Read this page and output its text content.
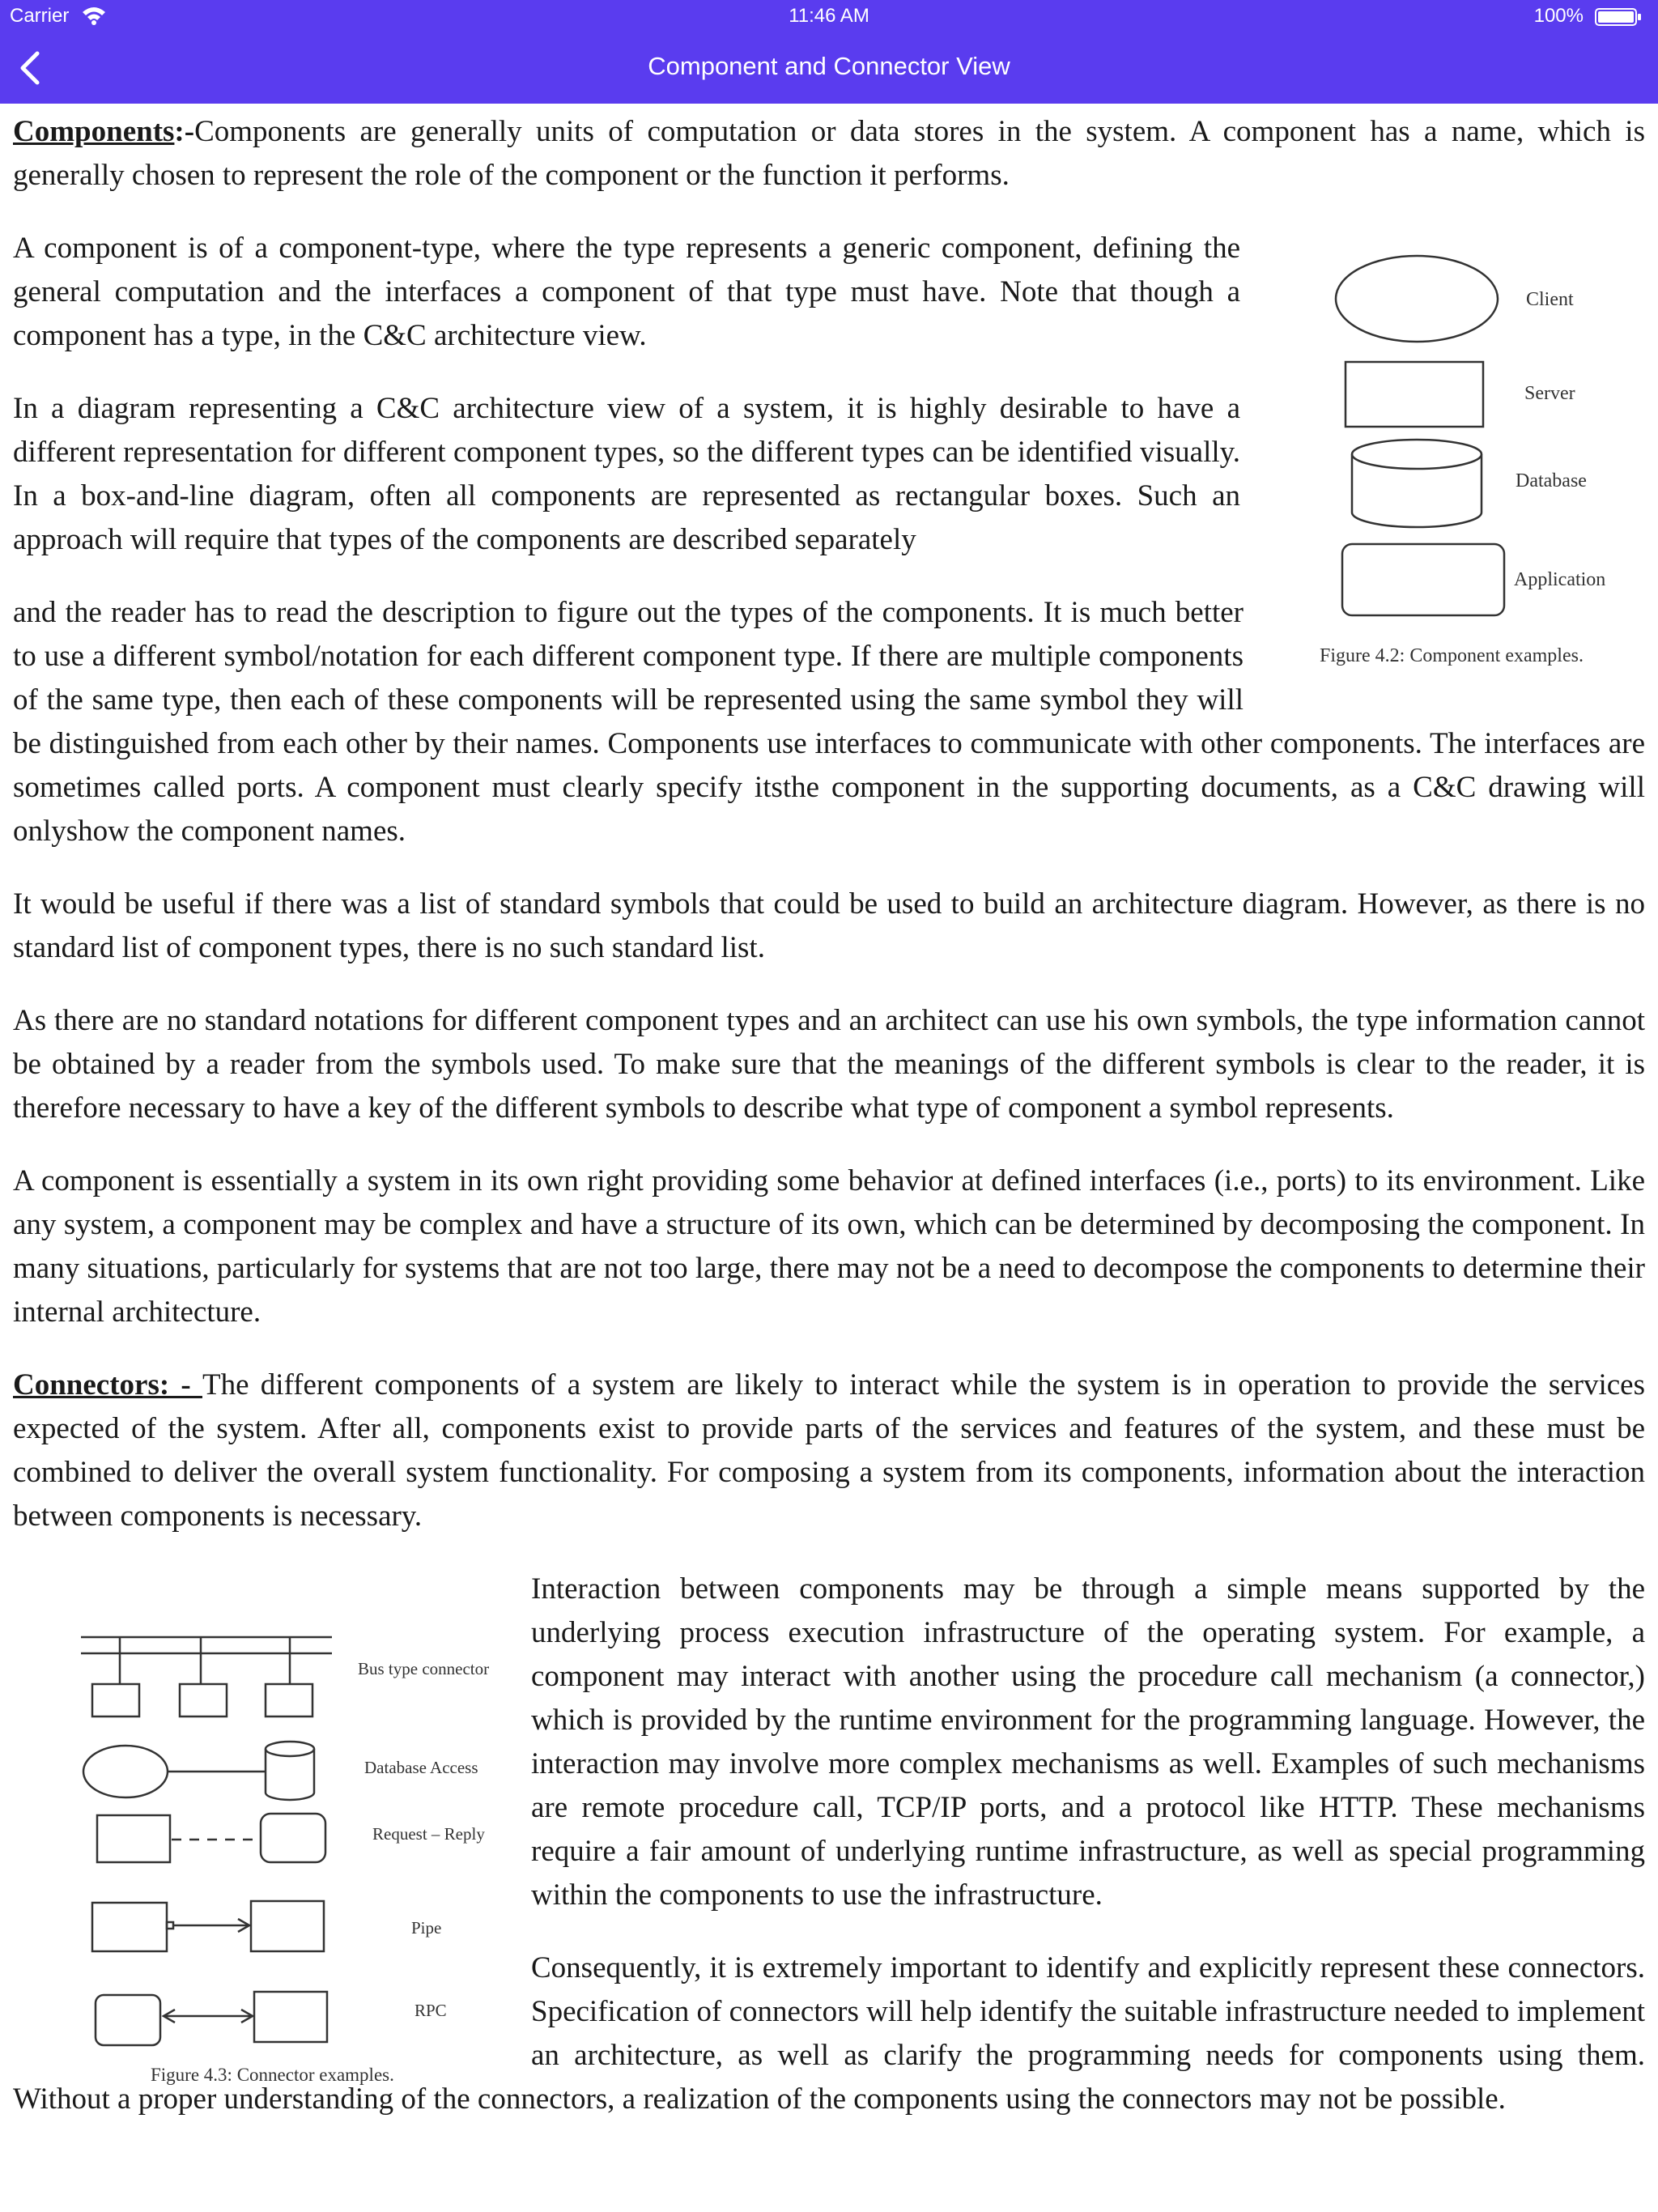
Carrier	11:46 AM	100%
Component and Connector View
Client
Server
Database
Application
Figure 4.2: Component examples.
Bus type connector
Database Access
Request – Reply
Pipe
RPC
Figure 4.3: Connector examples.

Components:-Components are generally units of computation or data stores in the system. A component has a name, which is generally chosen to represent the role of the component or the function it performs.

A component is of a component-type, where the type represents a generic component, defining the general computation and the interfaces a component of that type must have. Note that though a component has a type, in the C&C architecture view.

In a diagram representing a C&C architecture view of a system, it is highly desirable to have a different representation for different component types, so the different types can be identified visually. In a box-and-line diagram, often all components are represented as rectangular boxes. Such an approach will require that types of the components are described separately

and the reader has to read the description to figure out the types of the components. It is much better to use a different symbol/notation for each different component type. If there are multiple components of the same type, then each of these components will be represented using the same symbol they will be distinguished from each other by their names. Components use interfaces to communicate with other components. The interfaces are sometimes called ports. A component must clearly specify itsthe component in the supporting documents, as a C&C drawing will onlyshow the component names.

It would be useful if there was a list of standard symbols that could be used to build an architecture diagram. However, as there is no standard list of component types, there is no such standard list.

As there are no standard notations for different component types and an architect can use his own symbols, the type information cannot be obtained by a reader from the symbols used. To make sure that the meanings of the different symbols is clear to the reader, it is therefore necessary to have a key of the different symbols to describe what type of component a symbol represents.

A component is essentially a system in its own right providing some behavior at defined interfaces (i.e., ports) to its environment. Like any system, a component may be complex and have a structure of its own, which can be determined by decomposing the component. In many situations, particularly for systems that are not too large, there may not be a need to decompose the components to determine their internal architecture.

Connectors: - The different components of a system are likely to interact while the system is in operation to provide the services expected of the system. After all, components exist to provide parts of the services and features of the system, and these must be combined to deliver the overall system functionality. For composing a system from its components, information about the interaction between components is necessary.

Interaction between components may be through a simple means supported by the underlying process execution infrastructure of the operating system. For example, a component may interact with another using the procedure call mechanism (a connector,) which is provided by the runtime environment for the programming language. However, the interaction may involve more complex mechanisms as well. Examples of such mechanisms are remote procedure call, TCP/IP ports, and a protocol like HTTP. These mechanisms require a fair amount of underlying runtime infrastructure, as well as special programming within the components to use the infrastructure.

Consequently, it is extremely important to identify and explicitly represent these connectors. Specification of connectors will help identify the suitable infrastructure needed to implement an architecture, as well as clarify the programming needs for components using them. Without a proper understanding of the connectors, a realization of the components using the connectors may not be possible.
